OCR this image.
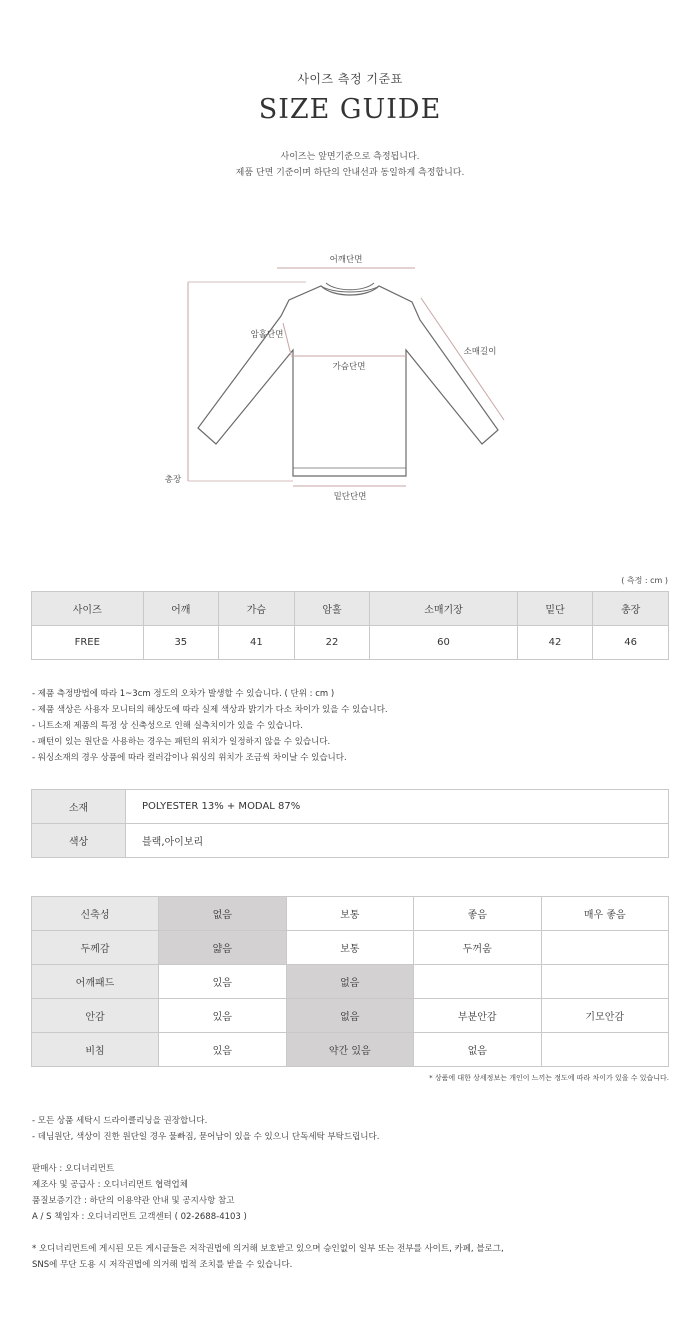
사이즈 측정 기준표
SIZE GUIDE
사이즈는 앞면기준으로 측정됩니다.
제품 단면 기준이며 하단의 안내선과 동일하게 측정합니다.
어깨단면
암홀단면
소매길이
가슴단면
총장
밑단단면
( 측정 : cm )
사이즈	어깨	가슴	암홀	소매기장	밑단	총장
FREE	35	41	22	60	42	46
- 제품 측정방법에 따라 1~3cm 정도의 오차가 발생할 수 있습니다. ( 단위 : cm )
- 제품 색상은 사용자 모니터의 해상도에 따라 실제 색상과 밝기가 다소 차이가 있을 수 있습니다.
- 니트소재 제품의 특정 상 신축성으로 인해 실측치이가 있을 수 있습니다.
- 패턴이 있는 원단을 사용하는 경우는 패턴의 위치가 일정하지 않을 수 있습니다.
- 워싱소재의 경우 상품에 따라 컬러감이나 워싱의 위치가 조금씩 차이날 수 있습니다.
소재	POLYESTER 13% + MODAL 87%
색상	블랙,아이보리
신축성	없음	보통	좋음	매우 좋음
두께감	얇음	보통	두꺼움	
어깨패드	있음	없음		
안감	있음	없음	부분안감	기모안감
비침	있음	약간 있음	없음	
* 상품에 대한 상세정보는 개인이 느끼는 정도에 따라 차이가 있을 수 있습니다.
- 모든 상품 세탁시 드라이클리닝을 권장합니다.
- 데님원단, 색상이 진한 원단일 경우 물빠짐, 묻어남이 있을 수 있으니 단독세탁 부탁드립니다.
판매사 : 오디너리먼트
제조사 및 공급사 : 오디너리먼트 협력업체
품질보증기간 : 하단의 이용약관 안내 및 공지사항 참고
A / S 책임자 : 오디너리먼트 고객센터 ( 02-2688-4103 )
* 오디너리먼트에 게시된 모든 게시글들은 저작권법에 의거해 보호받고 있으며 승인없이 일부 또는 전부를 사이트, 카페, 블로그,
SNS에 무단 도용 시 저작권법에 의거해 법적 조치를 받을 수 있습니다.
